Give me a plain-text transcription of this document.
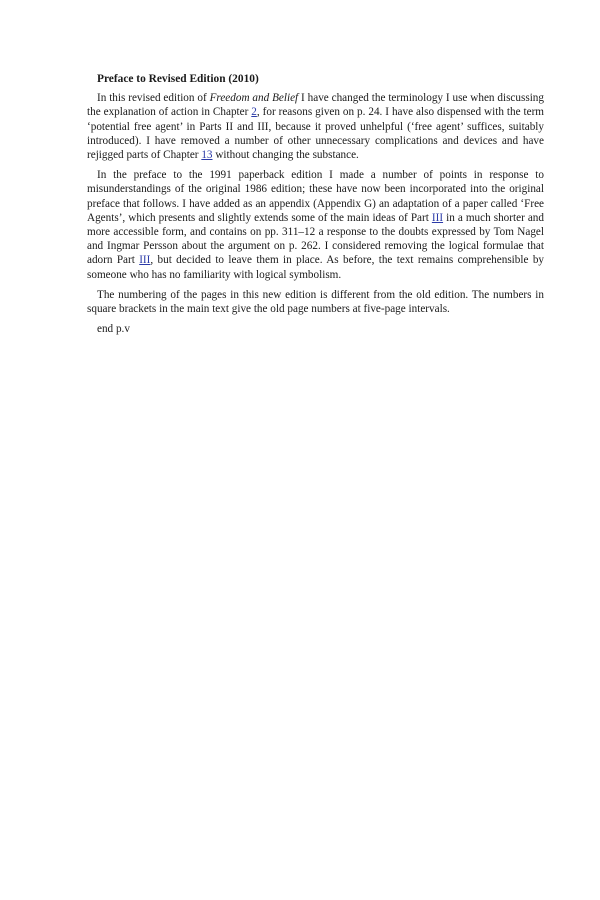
Preface to Revised Edition (2010)

In this revised edition of Freedom and Belief I have changed the terminology I use when discussing the explanation of action in Chapter 2, for reasons given on p. 24. I have also dispensed with the term ‘potential free agent’ in Parts II and III, because it proved unhelpful (‘free agent’ suffices, suitably introduced). I have removed a number of other unnecessary complications and devices and have rejigged parts of Chapter 13 without changing the substance.

In the preface to the 1991 paperback edition I made a number of points in response to misunderstandings of the original 1986 edition; these have now been incorporated into the original preface that follows. I have added as an appendix (Appendix G) an adaptation of a paper called ‘Free Agents’, which presents and slightly extends some of the main ideas of Part III in a much shorter and more accessible form, and contains on pp. 311–12 a response to the doubts expressed by Tom Nagel and Ingmar Persson about the argument on p. 262. I considered removing the logical formulae that adorn Part III, but decided to leave them in place. As before, the text remains comprehensible by someone who has no familiarity with logical symbolism.

The numbering of the pages in this new edition is different from the old edition. The numbers in square brackets in the main text give the old page numbers at five-page intervals.

end p.v
